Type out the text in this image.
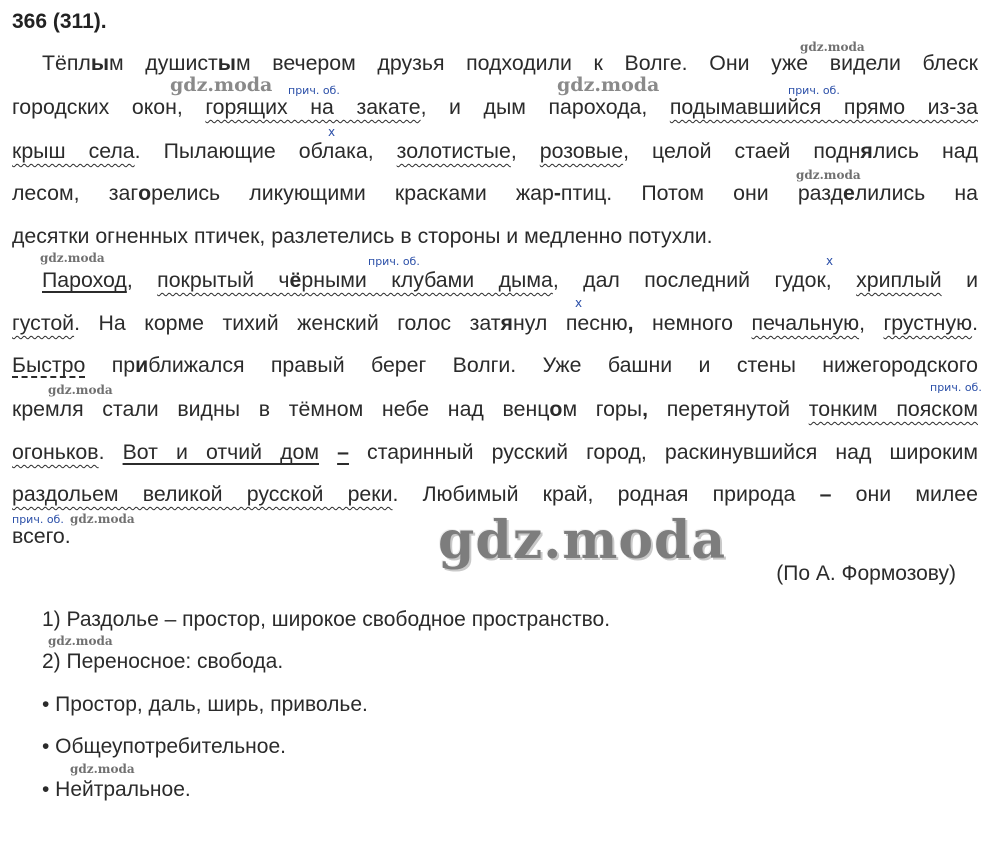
366 (311).
gdz.moda
gdz.moda	gdz.moda
gdz.moda
gdz.moda
gdz.moda
gdz.moda	gdz.moda
gdz.moda
gdz.moda
прич. об.	прич. об.
х
прич. об.	х
х
прич. об.
прич. об.
Тёплым душистым вечером друзья подходили к Волге. Они уже видели блеск
городских окон, горящих на закате, и дым парохода, подымавшийся прямо из-за
крыш села. Пылающие облака, золотистые, розовые, целой стаей поднялись над
лесом, загорелись ликующими красками жар-птиц. Потом они разделились на
десятки огненных птичек, разлетелись в стороны и медленно потухли.
Пароход, покрытый чёрными клубами дыма, дал последний гудок, хриплый и
густой. На корме тихий женский голос затянул песню, немного печальную, грустную.
Быстро приближался правый берег Волги. Уже башни и стены нижегородского
кремля стали видны в тёмном небе над венцом горы, перетянутой тонким пояском
огоньков. Вот и отчий дом – старинный русский город, раскинувшийся над широким
раздольем великой русской реки. Любимый край, родная природа – они милее
всего.
(По А. Формозову)
1) Раздолье – простор, широкое свободное пространство.
2) Переносное: свобода.
• Простор, даль, ширь, приволье.
• Общеупотребительное.
• Нейтральное.
